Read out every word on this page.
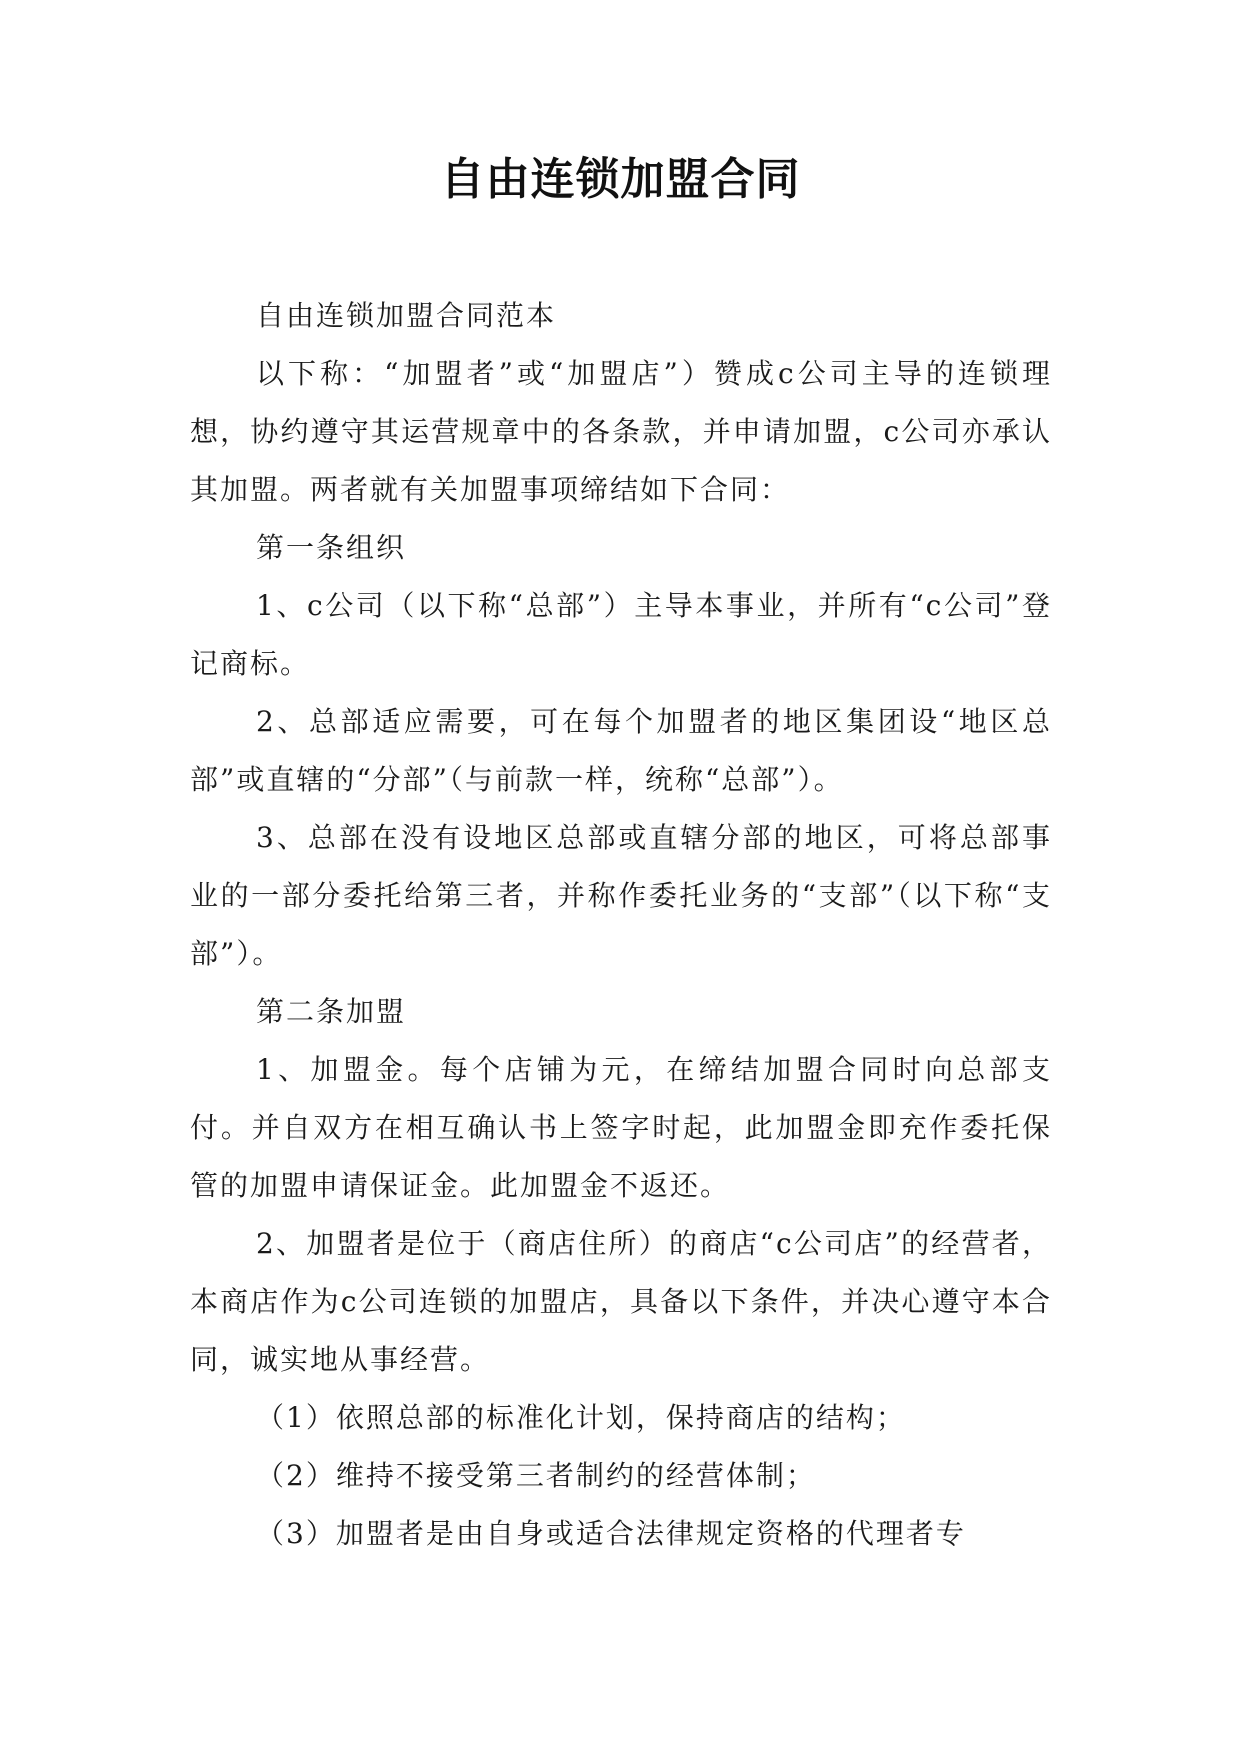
自由连锁加盟合同

自由连锁加盟合同范本

以下称：“加盟者”或“加盟店”）赞成c公司主导的连锁理想，协约遵守其运营规章中的各条款，并申请加盟，c公司亦承认其加盟。两者就有关加盟事项缔结如下合同：

第一条组织

1、c公司（以下称“总部”）主导本事业，并所有“c公司”登记商标。

2、总部适应需要，可在每个加盟者的地区集团设“地区总部”或直辖的“分部”（与前款一样，统称“总部”）。

3、总部在没有设地区总部或直辖分部的地区，可将总部事业的一部分委托给第三者，并称作委托业务的“支部”（以下称“支部”）。

第二条加盟

1、加盟金。每个店铺为元，在缔结加盟合同时向总部支付。并自双方在相互确认书上签字时起，此加盟金即充作委托保管的加盟申请保证金。此加盟金不返还。

2、加盟者是位于（商店住所）的商店“c公司店”的经营者，本商店作为c公司连锁的加盟店，具备以下条件，并决心遵守本合同，诚实地从事经营。

（1）依照总部的标准化计划，保持商店的结构；

（2）维持不接受第三者制约的经营体制；

（3）加盟者是由自身或适合法律规定资格的代理者专
